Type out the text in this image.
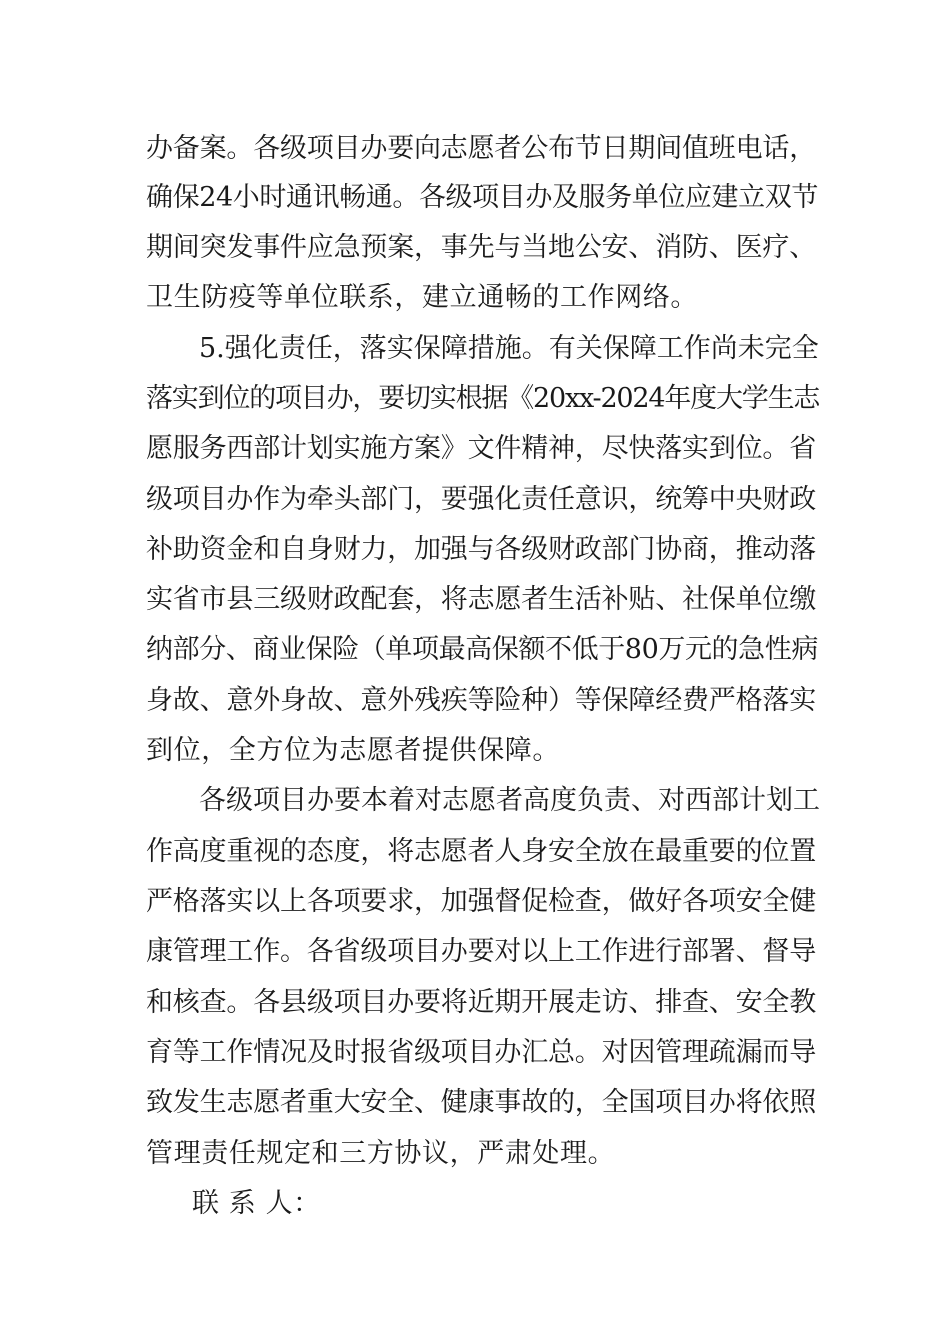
办备案。各级项目办要向志愿者公布节日期间值班电话，
确保24小时通讯畅通。各级项目办及服务单位应建立双节
期间突发事件应急预案，事先与当地公安、消防、医疗、
卫生防疫等单位联系，建立通畅的工作网络。
5.强化责任，落实保障措施。有关保障工作尚未完全
落实到位的项目办，要切实根据《20xx-2024年度大学生志
愿服务西部计划实施方案》文件精神，尽快落实到位。省
级项目办作为牵头部门，要强化责任意识，统筹中央财政
补助资金和自身财力，加强与各级财政部门协商，推动落
实省市县三级财政配套，将志愿者生活补贴、社保单位缴
纳部分、商业保险（单项最高保额不低于80万元的急性病
身故、意外身故、意外残疾等险种）等保障经费严格落实
到位，全方位为志愿者提供保障。
各级项目办要本着对志愿者高度负责、对西部计划工
作高度重视的态度，将志愿者人身安全放在最重要的位置
严格落实以上各项要求，加强督促检查，做好各项安全健
康管理工作。各省级项目办要对以上工作进行部署、督导
和核查。各县级项目办要将近期开展走访、排查、安全教
育等工作情况及时报省级项目办汇总。对因管理疏漏而导
致发生志愿者重大安全、健康事故的，全国项目办将依照
管理责任规定和三方协议，严肃处理。
联 系 人：
